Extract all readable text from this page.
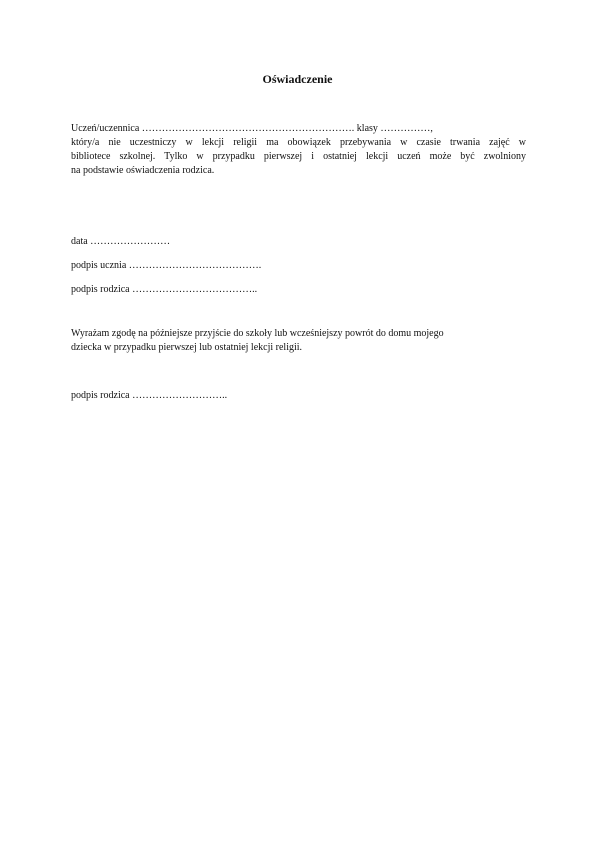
Oświadczenie
Uczeń/uczennica ………………………………………………………. klasy ……………,
który/a nie uczestniczy w lekcji religii ma obowiązek przebywania w czasie trwania zajęć w
bibliotece szkolnej. Tylko w przypadku pierwszej i ostatniej lekcji uczeń może być zwolniony
na podstawie oświadczenia rodzica.
data ……………………
podpis ucznia ………………………………….
podpis rodzica ………………………………..
Wyrażam zgodę na późniejsze przyjście do szkoły lub wcześniejszy powrót do domu mojego
dziecka w przypadku pierwszej lub ostatniej lekcji religii.
podpis rodzica ………………………..
